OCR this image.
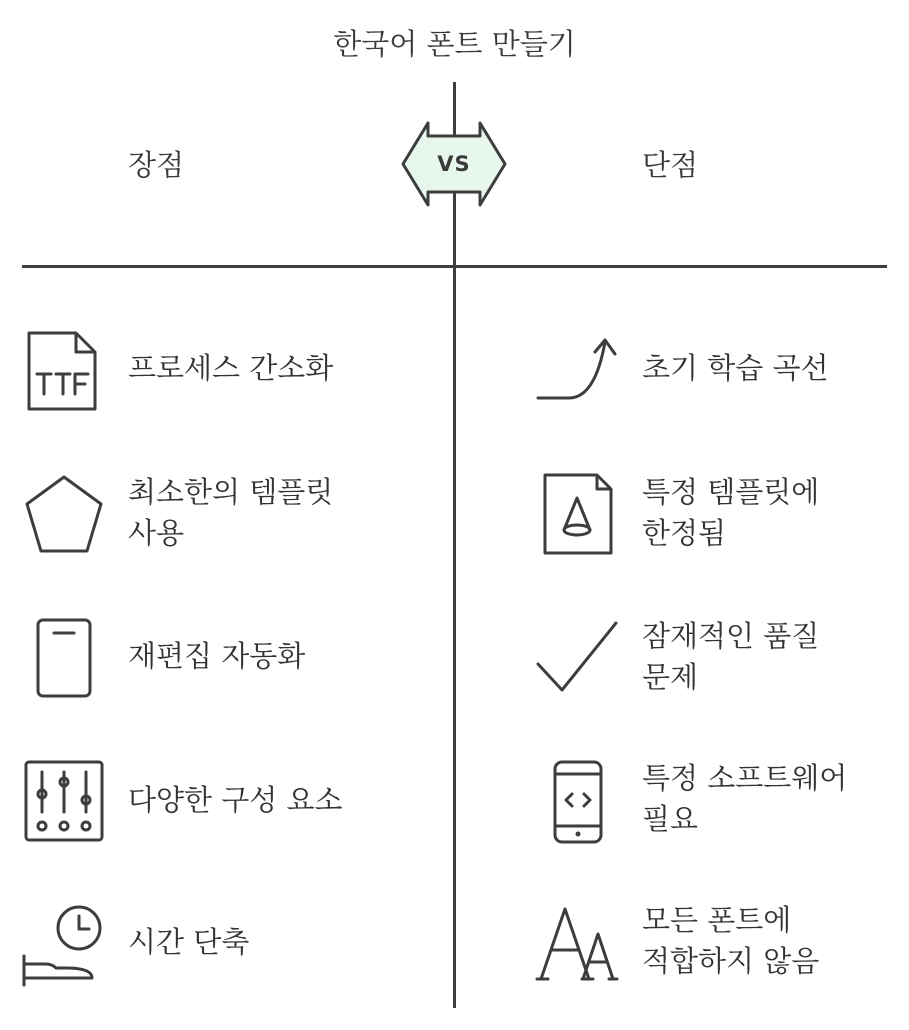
한국어 폰트 만들기
장점	단점
VS
프로세스 간소화
최소한의 템플릿 사용
재편집 자동화
다양한 구성 요소
시간 단축
초기 학습 곡선
특정 템플릿에 한정됨
잠재적인 품질 문제
특정 소프트웨어 필요
모든 폰트에 적합하지 않음
